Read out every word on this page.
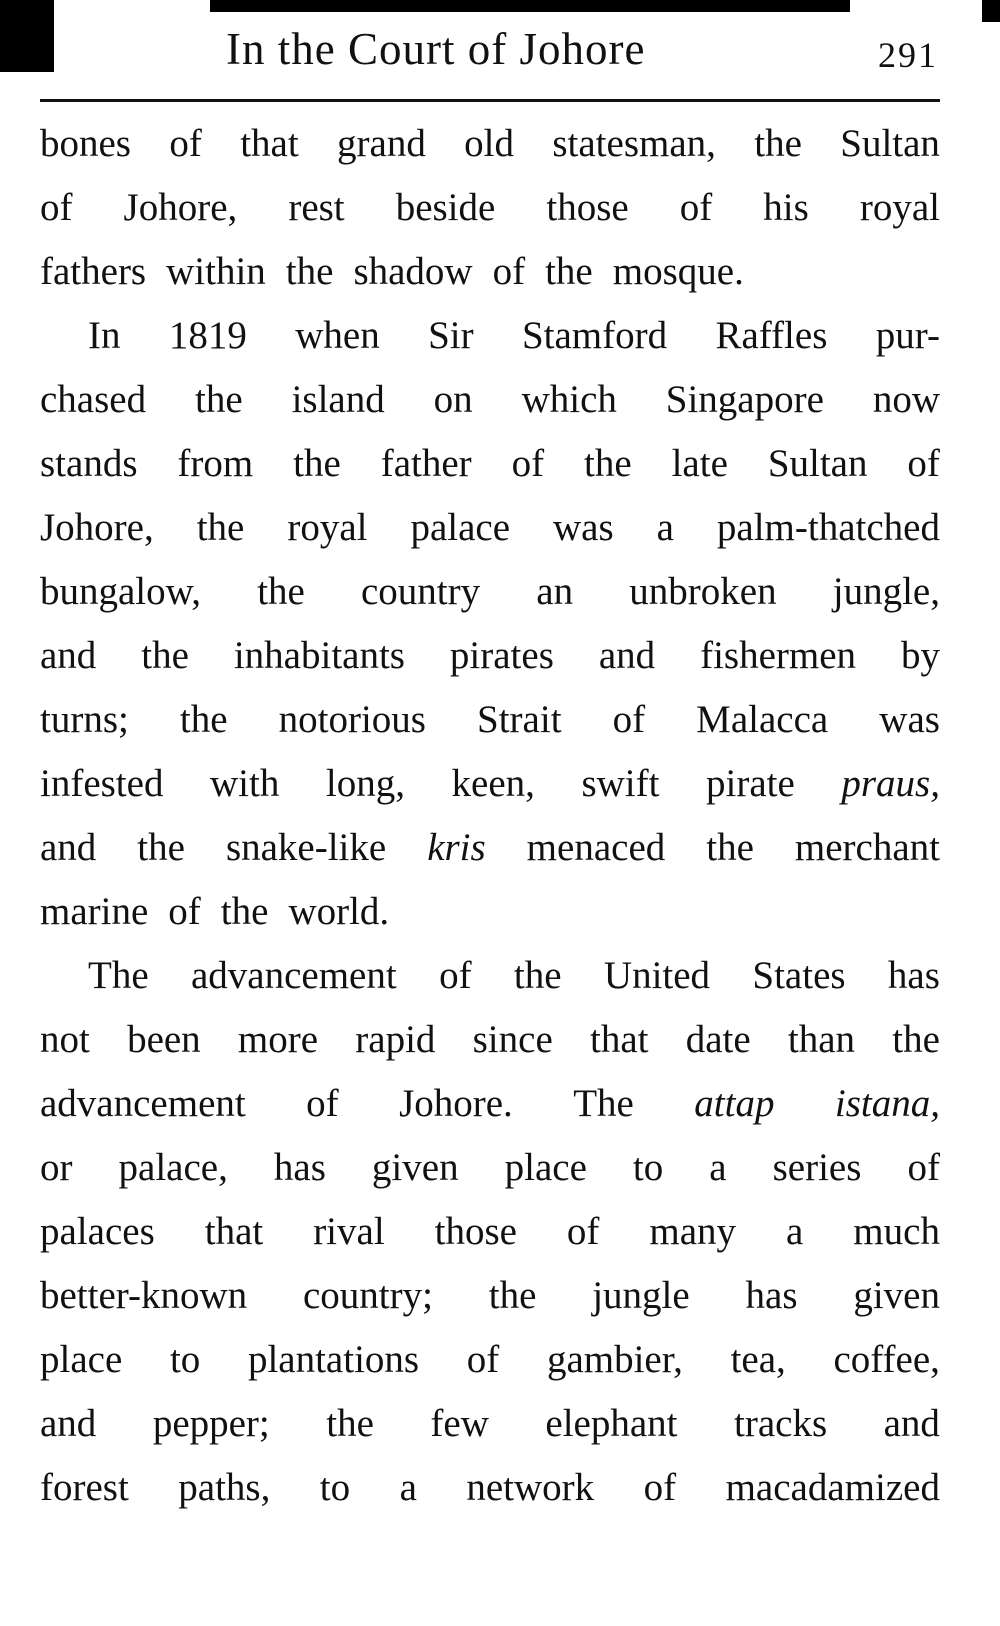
In the Court of Johore	291
bones of that grand old statesman, the Sultan
of Johore, rest beside those of his royal
fathers within the shadow of the mosque.
In 1819 when Sir Stamford Raffles pur-
chased the island on which Singapore now
stands from the father of the late Sultan of
Johore, the royal palace was a palm-thatched
bungalow, the country an unbroken jungle,
and the inhabitants pirates and fishermen by
turns; the notorious Strait of Malacca was
infested with long, keen, swift pirate praus,
and the snake-like kris menaced the merchant
marine of the world.
The advancement of the United States has
not been more rapid since that date than the
advancement of Johore. The attap istana,
or palace, has given place to a series of
palaces that rival those of many a much
better-known country; the jungle has given
place to plantations of gambier, tea, coffee,
and pepper; the few elephant tracks and
forest paths, to a network of macadamized
